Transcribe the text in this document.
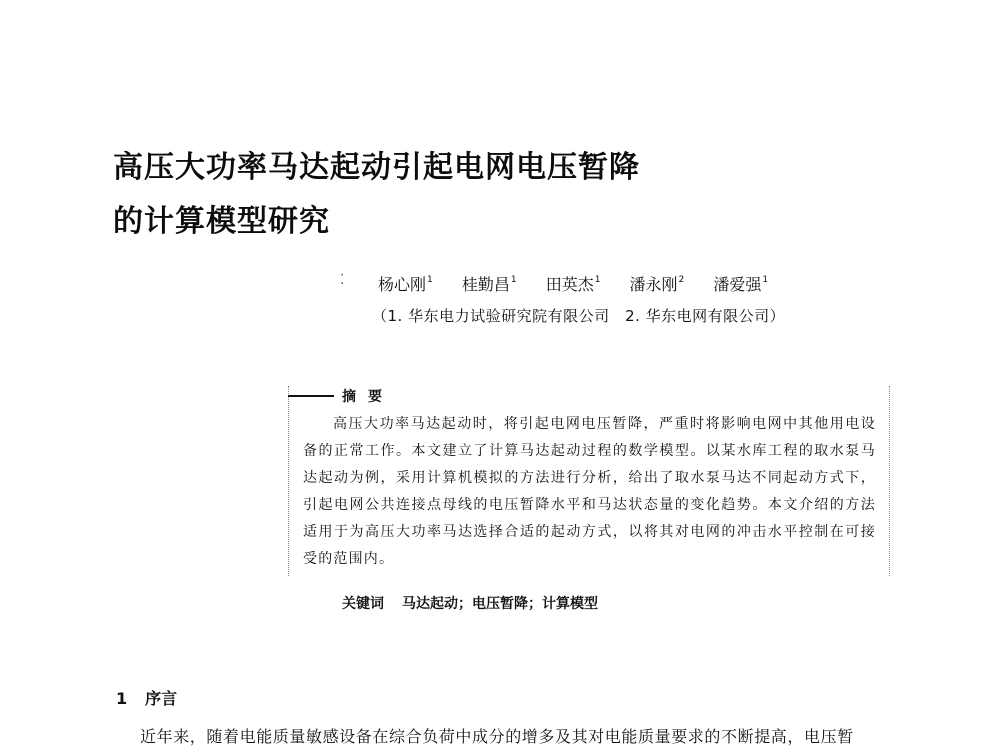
高压大功率马达起动引起电网电压暂降
的计算模型研究
⁚ 杨心刚$^1$ 桂勤昌$^1$ 田英杰$^1$ 潘永刚$^2$ 潘爱强$^1$
（1. 华东电力试验研究院有限公司　2. 华东电网有限公司）
摘要
高压大功率马达起动时，将引起电网电压暂降，严重时将影响电网中其他用电设备的正常工作。本文建立了计算马达起动过程的数学模型。以某水库工程的取水泵马达起动为例，采用计算机模拟的方法进行分析，给出了取水泵马达不同起动方式下，引起电网公共连接点母线的电压暂降水平和马达状态量的变化趋势。本文介绍的方法适用于为高压大功率马达选择合适的起动方式，以将其对电网的冲击水平控制在可接受的范围内。
关键词 马达起动；电压暂降；计算模型
1 序言
近年来，随着电能质量敏感设备在综合负荷中成分的增多及其对电能质量要求的不断提高，电压暂
